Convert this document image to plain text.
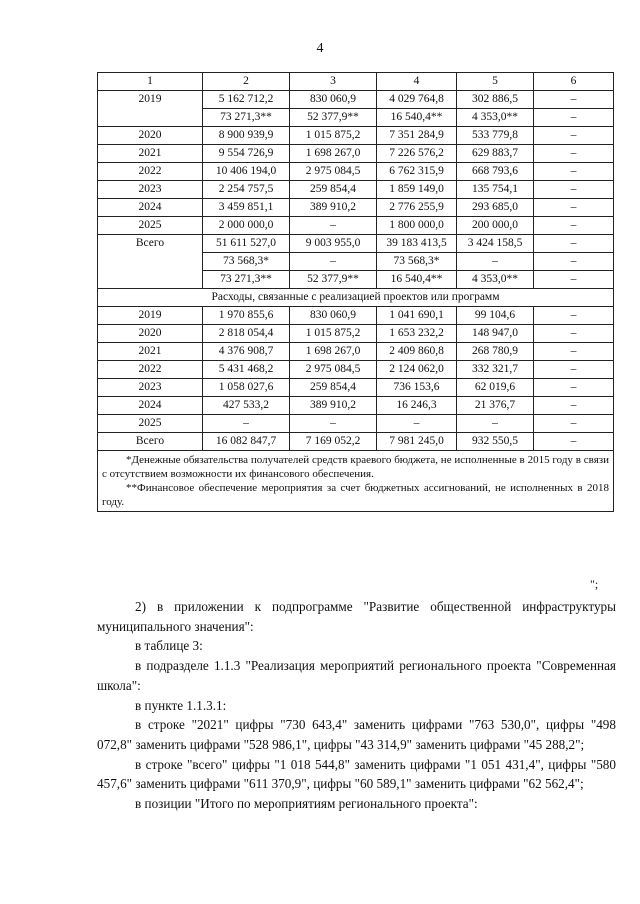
4
1	2	3	4	5	6
2019	5 162 712,2	830 060,9	4 029 764,8	302 886,5	–
	73 271,3**	52 377,9**	16 540,4**	4 353,0**	–
2020	8 900 939,9	1 015 875,2	7 351 284,9	533 779,8	–
2021	9 554 726,9	1 698 267,0	7 226 576,2	629 883,7	–
2022	10 406 194,0	2 975 084,5	6 762 315,9	668 793,6	–
2023	2 254 757,5	259 854,4	1 859 149,0	135 754,1	–
2024	3 459 851,1	389 910,2	2 776 255,9	293 685,0	–
2025	2 000 000,0	–	1 800 000,0	200 000,0	–
Всего	51 611 527,0	9 003 955,0	39 183 413,5	3 424 158,5	–
	73 568,3*	–	73 568,3*	–	–
	73 271,3**	52 377,9**	16 540,4**	4 353,0**	–
Расходы, связанные с реализацией проектов или программ					
2019	1 970 855,6	830 060,9	1 041 690,1	99 104,6	–
2020	2 818 054,4	1 015 875,2	1 653 232,2	148 947,0	–
2021	4 376 908,7	1 698 267,0	2 409 860,8	268 780,9	–
2022	5 431 468,2	2 975 084,5	2 124 062,0	332 321,7	–
2023	1 058 027,6	259 854,4	736 153,6	62 019,6	–
2024	427 533,2	389 910,2	16 246,3	21 376,7	–
2025	–	–	–	–	–
Всего	16 082 847,7	7 169 052,2	7 981 245,0	932 550,5	–

*Денежные обязательства получателей средств краевого бюджета, не исполненные в 2015 году в связи с отсутствием возможности их финансового обеспечения.

**Финансовое обеспечение мероприятия за счет бюджетных ассигнований, не исполненных в 2018 году.					

";

2) в приложении к подпрограмме "Развитие общественной инфраструктуры муниципального значения":

в таблице 3:

в подразделе 1.1.3 "Реализация мероприятий регионального проекта "Современная школа":

в пункте 1.1.3.1:

в строке "2021" цифры "730 643,4" заменить цифрами "763 530,0", цифры "498 072,8" заменить цифрами "528 986,1", цифры "43 314,9" заменить цифрами "45 288,2";

в строке "всего" цифры "1 018 544,8" заменить цифрами "1 051 431,4", цифры "580 457,6" заменить цифрами "611 370,9", цифры "60 589,1" заменить цифрами "62 562,4";

в позиции "Итого по мероприятиям регионального проекта":
